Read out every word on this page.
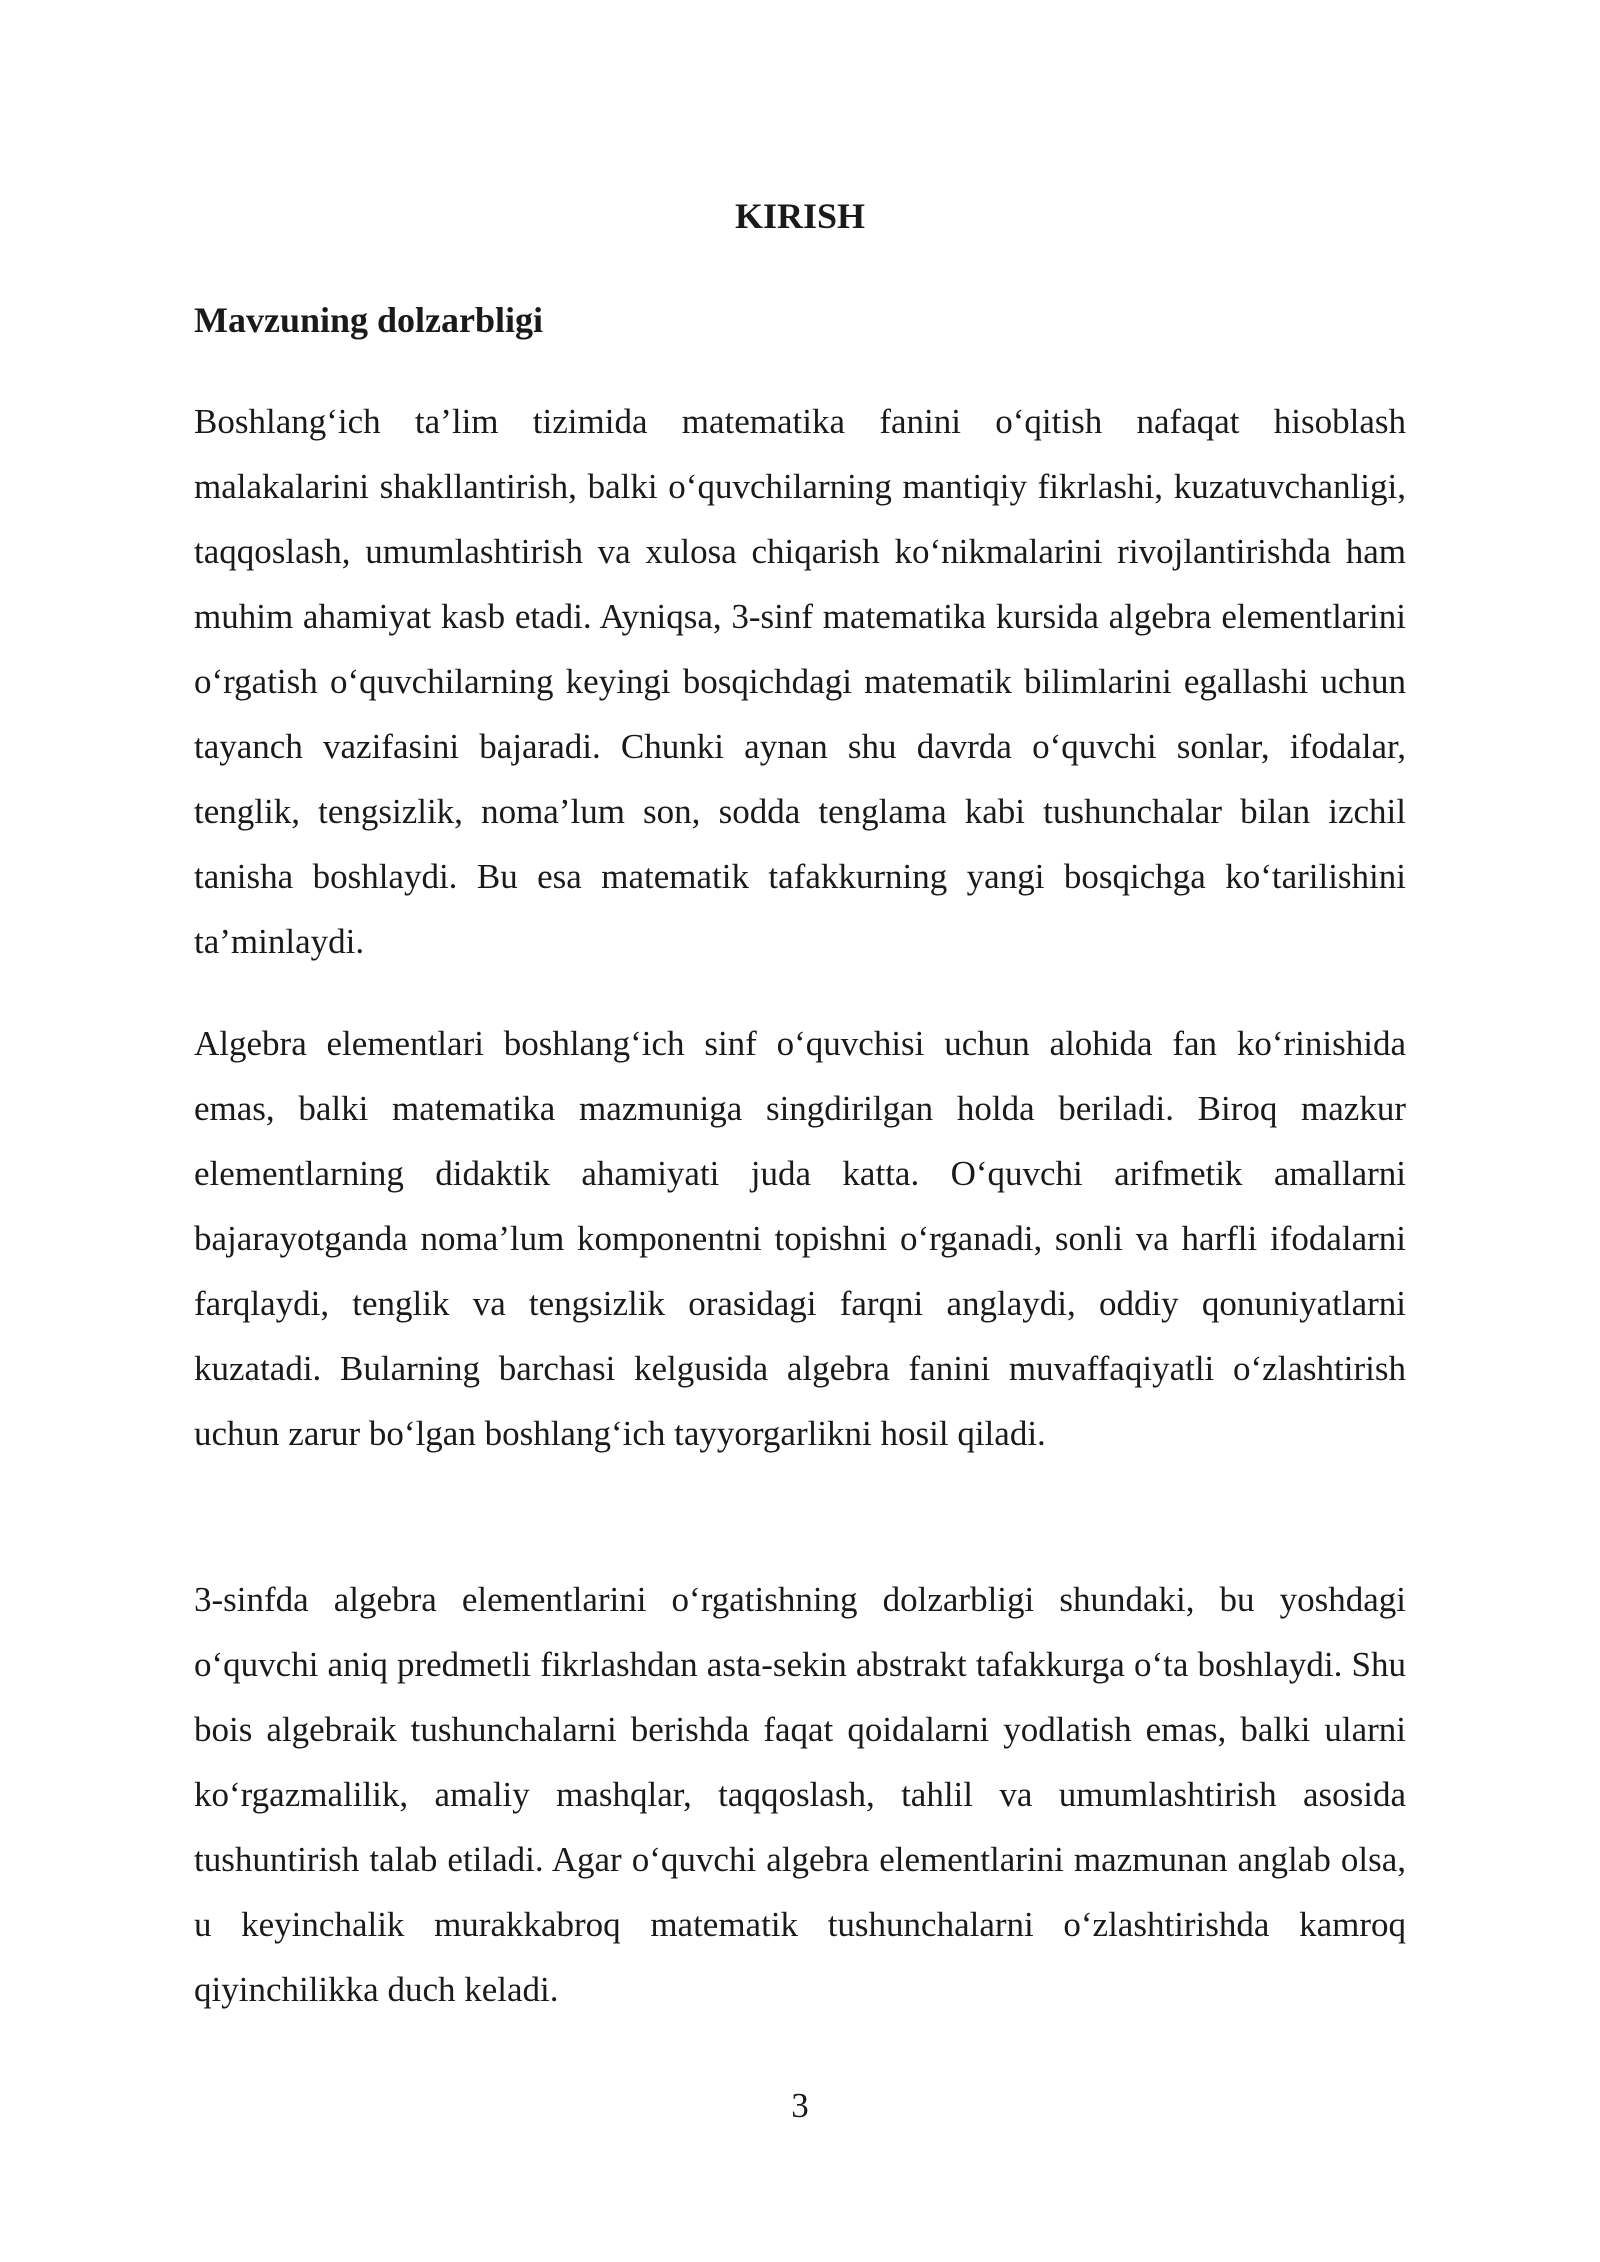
KIRISH
Mavzuning dolzarbligi

Boshlang‘ich ta’lim tizimida matematika fanini o‘qitish nafaqat hisoblash malakalarini shakllantirish, balki o‘quvchilarning mantiqiy fikrlashi, kuzatuvchanligi, taqqoslash, umumlashtirish va xulosa chiqarish ko‘nikmalarini rivojlantirishda ham muhim ahamiyat kasb etadi. Ayniqsa, 3-sinf matematika kursida algebra elementlarini o‘rgatish o‘quvchilarning keyingi bosqichdagi matematik bilimlarini egallashi uchun tayanch vazifasini bajaradi. Chunki aynan shu davrda o‘quvchi sonlar, ifodalar, tenglik, tengsizlik, noma’lum son, sodda tenglama kabi tushunchalar bilan izchil tanisha boshlaydi. Bu esa matematik tafakkurning yangi bosqichga ko‘tarilishini ta’minlaydi.

Algebra elementlari boshlang‘ich sinf o‘quvchisi uchun alohida fan ko‘rinishida emas, balki matematika mazmuniga singdirilgan holda beriladi. Biroq mazkur elementlarning didaktik ahamiyati juda katta. O‘quvchi arifmetik amallarni bajarayotganda noma’lum komponentni topishni o‘rganadi, sonli va harfli ifodalarni farqlaydi, tenglik va tengsizlik orasidagi farqni anglaydi, oddiy qonuniyatlarni kuzatadi. Bularning barchasi kelgusida algebra fanini muvaffaqiyatli o‘zlashtirish uchun zarur bo‘lgan boshlang‘ich tayyorgarlikni hosil qiladi.

3-sinfda algebra elementlarini o‘rgatishning dolzarbligi shundaki, bu yoshdagi o‘quvchi aniq predmetli fikrlashdan asta-sekin abstrakt tafakkurga o‘ta boshlaydi. Shu bois algebraik tushunchalarni berishda faqat qoidalarni yodlatish emas, balki ularni ko‘rgazmalilik, amaliy mashqlar, taqqoslash, tahlil va umumlashtirish asosida tushuntirish talab etiladi. Agar o‘quvchi algebra elementlarini mazmunan anglab olsa, u keyinchalik murakkabroq matematik tushunchalarni o‘zlashtirishda kamroq qiyinchilikka duch keladi.

3
